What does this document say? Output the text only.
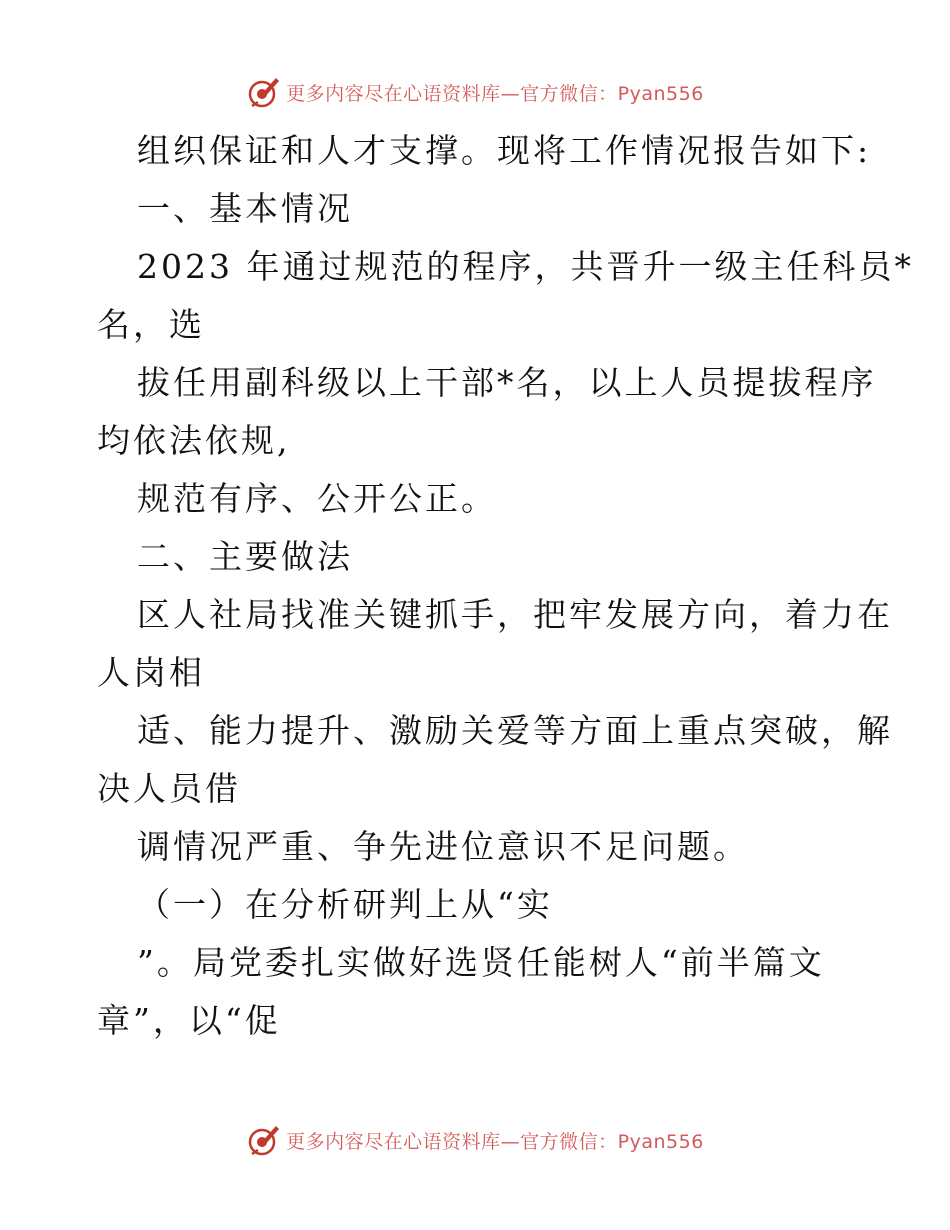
更多内容尽在心语资料库—官方微信：Pyan556
组织保证和人才支撑。现将工作情况报告如下:
一、基本情况
2023 年通过规范的程序，共晋升一级主任科员*
名，选
拔任用副科级以上干部*名，以上人员提拔程序
均依法依规,
规范有序、公开公正。
二、主要做法
区人社局找准关键抓手，把牢发展方向，着力在
人岗相
适、能力提升、激励关爱等方面上重点突破，解
决人员借
调情况严重、争先进位意识不足问题。
（一）在分析研判上从“实
”。局党委扎实做好选贤任能树人“前半篇文
章”，以“促
更多内容尽在心语资料库—官方微信：Pyan556
